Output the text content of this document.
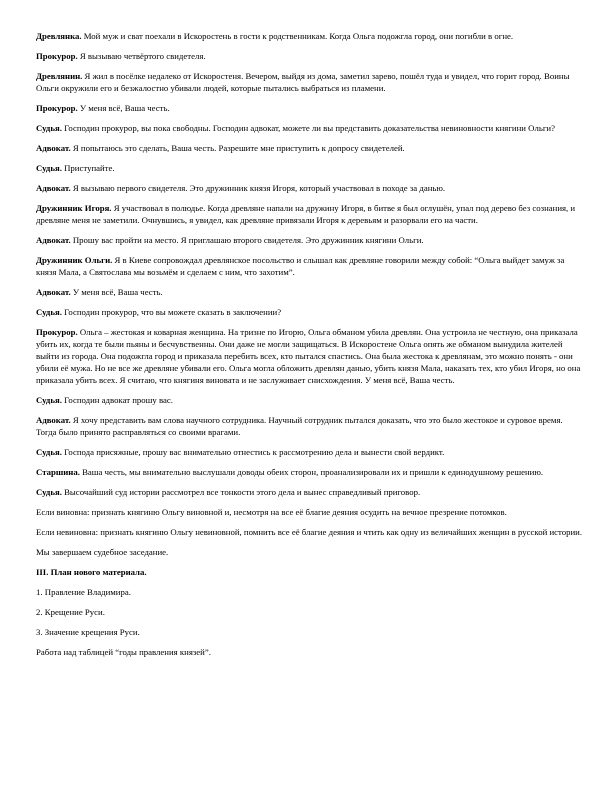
Древлянка. Мой муж и сват поехали в Искоростень в гости к родственникам. Когда Ольга подожгла город, они погибли в огне.

Прокурор. Я вызываю четвёртого свидетеля.

Древлянин. Я жил в посёлке недалеко от Искоростеня. Вечером, выйдя из дома, заметил зарево, пошёл туда и увидел, что горит город. Воины Ольги окружили его и безжалостно убивали людей, которые пытались выбраться из пламени.

Прокурор. У меня всё, Ваша честь.

Судья. Господин прокурор, вы пока свободны. Господин адвокат, можете ли вы представить доказательства невиновности княгини Ольги?

Адвокат. Я попытаюсь это сделать, Ваша честь. Разрешите мне приступить к допросу свидетелей.

Судья. Приступайте.

Адвокат. Я вызываю первого свидетеля. Это дружинник князя Игоря, который участвовал в походе за данью.

Дружинник Игоря. Я участвовал в полюдье. Когда древляне напали на дружину Игоря, в битве я был оглушён, упал под дерево без сознания, и древляне меня не заметили. Очнувшись, я увидел, как древляне привязали Игоря к деревьям и разорвали его на части.

Адвокат. Прошу вас пройти на место. Я приглашаю второго свидетеля. Это дружинник княгини Ольги.

Дружинник Ольги. Я в Киеве сопровождал древлянское посольство и слышал как древляне говорили между собой: “Ольга выйдет замуж за князя Мала, а Святослава мы возьмём и сделаем с ним, что захотим”.

Адвокат. У меня всё, Ваша честь.

Судья. Господин прокурор, что вы можете сказать в заключении?

Прокурор. Ольга – жестокая и коварная женщина. На тризне по Игорю, Ольга обманом убила древлян. Она устроила не честную, она приказала убить их, когда те были пьяны и бесчувственны. Они даже не могли защищаться. В Искоростене Ольга опять же обманом вынудила жителей выйти из города. Она подожгла город и приказала перебить всех, кто пытался спастись. Она была жестока к древлянам, это можно понять - они убили её мужа. Но не все же древляне убивали его. Ольга могла обложить древлян данью, убить князя Мала, наказать тех, кто убил Игоря, но она приказала убить всех. Я считаю, что княгиня виновата и не заслуживает снисхождения. У меня всё, Ваша честь.

Судья. Господин адвокат прошу вас.

Адвокат. Я хочу представить вам слова научного сотрудника. Научный сотрудник пытался доказать, что это было жестокое и суровое время. Тогда было принято расправляться со своими врагами.

Судья. Господа присяжные, прошу вас внимательно отнестись к рассмотрению дела и вынести свой вердикт.

Старшина. Ваша честь, мы внимательно выслушали доводы обеих сторон, проанализировали их и пришли к единодушному решению.

Судья. Высочайший суд истории рассмотрел все тонкости этого дела и вынес справедливый приговор.

Если виновна: признать княгиню Ольгу виновной и, несмотря на все её благие деяния осудить на вечное презрение потомков.

Если невиновна: признать княгиню Ольгу невиновной, помнить все её благие деяния и чтить как одну из величайших женщин в русской истории.

Мы завершаем судебное заседание.

III. План нового материала.

1. Правление Владимира.

2. Крещение Руси.

3. Значение крещения Руси.

Работа над таблицей “годы правления князей”.
